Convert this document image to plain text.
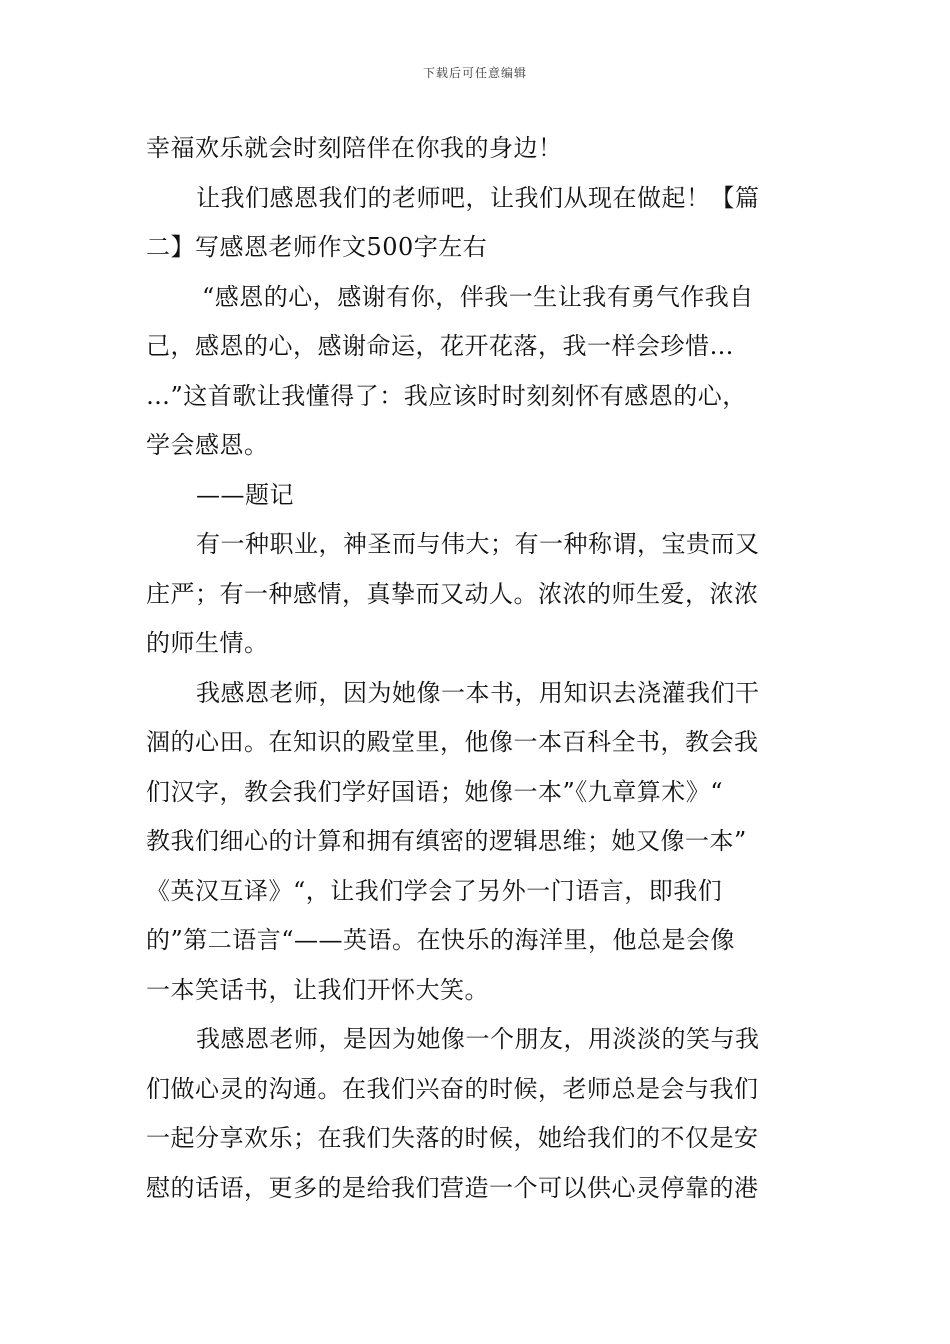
下载后可任意编辑
幸福欢乐就会时刻陪伴在你我的身边！
让我们感恩我们的老师吧，让我们从现在做起！【篇
二】写感恩老师作文500字左右
“感恩的心，感谢有你，伴我一生让我有勇气作我自
己，感恩的心，感谢命运，花开花落，我一样会珍惜…
…”这首歌让我懂得了：我应该时时刻刻怀有感恩的心，
学会感恩。
——题记
有一种职业，神圣而与伟大；有一种称谓，宝贵而又
庄严；有一种感情，真挚而又动人。浓浓的师生爱，浓浓
的师生情。
我感恩老师，因为她像一本书，用知识去浇灌我们干
涸的心田。在知识的殿堂里，他像一本百科全书，教会我
们汉字，教会我们学好国语；她像一本”《九章算术》“
教我们细心的计算和拥有缜密的逻辑思维；她又像一本”
《英汉互译》“，让我们学会了另外一门语言，即我们
的”第二语言“——英语。在快乐的海洋里，他总是会像
一本笑话书，让我们开怀大笑。
我感恩老师，是因为她像一个朋友，用淡淡的笑与我
们做心灵的沟通。在我们兴奋的时候，老师总是会与我们
一起分享欢乐；在我们失落的时候，她给我们的不仅是安
慰的话语，更多的是给我们营造一个可以供心灵停靠的港
